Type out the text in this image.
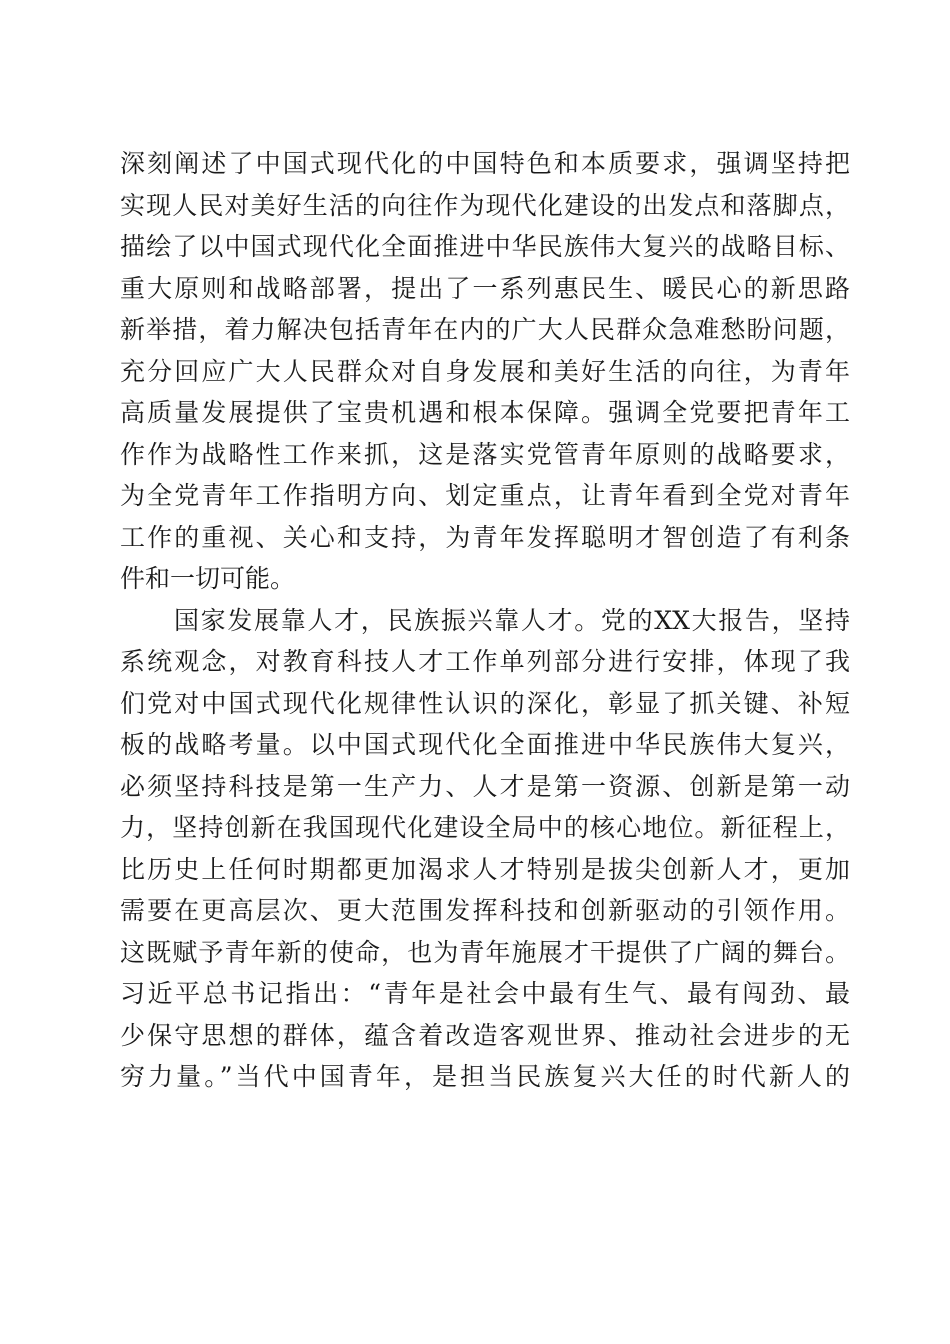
深刻阐述了中国式现代化的中国特色和本质要求，强调坚持把
实现人民对美好生活的向往作为现代化建设的出发点和落脚点，
描绘了以中国式现代化全面推进中华民族伟大复兴的战略目标、
重大原则和战略部署，提出了一系列惠民生、暖民心的新思路
新举措，着力解决包括青年在内的广大人民群众急难愁盼问题，
充分回应广大人民群众对自身发展和美好生活的向往，为青年
高质量发展提供了宝贵机遇和根本保障。强调全党要把青年工
作作为战略性工作来抓，这是落实党管青年原则的战略要求，
为全党青年工作指明方向、划定重点，让青年看到全党对青年
工作的重视、关心和支持，为青年发挥聪明才智创造了有利条
件和一切可能。
国家发展靠人才，民族振兴靠人才。党的XX大报告，坚持
系统观念，对教育科技人才工作单列部分进行安排，体现了我
们党对中国式现代化规律性认识的深化，彰显了抓关键、补短
板的战略考量。以中国式现代化全面推进中华民族伟大复兴，
必须坚持科技是第一生产力、人才是第一资源、创新是第一动
力，坚持创新在我国现代化建设全局中的核心地位。新征程上，
比历史上任何时期都更加渴求人才特别是拔尖创新人才，更加
需要在更高层次、更大范围发挥科技和创新驱动的引领作用。
这既赋予青年新的使命，也为青年施展才干提供了广阔的舞台。
习近平总书记指出：“青年是社会中最有生气、最有闯劲、最
少保守思想的群体，蕴含着改造客观世界、推动社会进步的无
穷力量。”当代中国青年，是担当民族复兴大任的时代新人的
